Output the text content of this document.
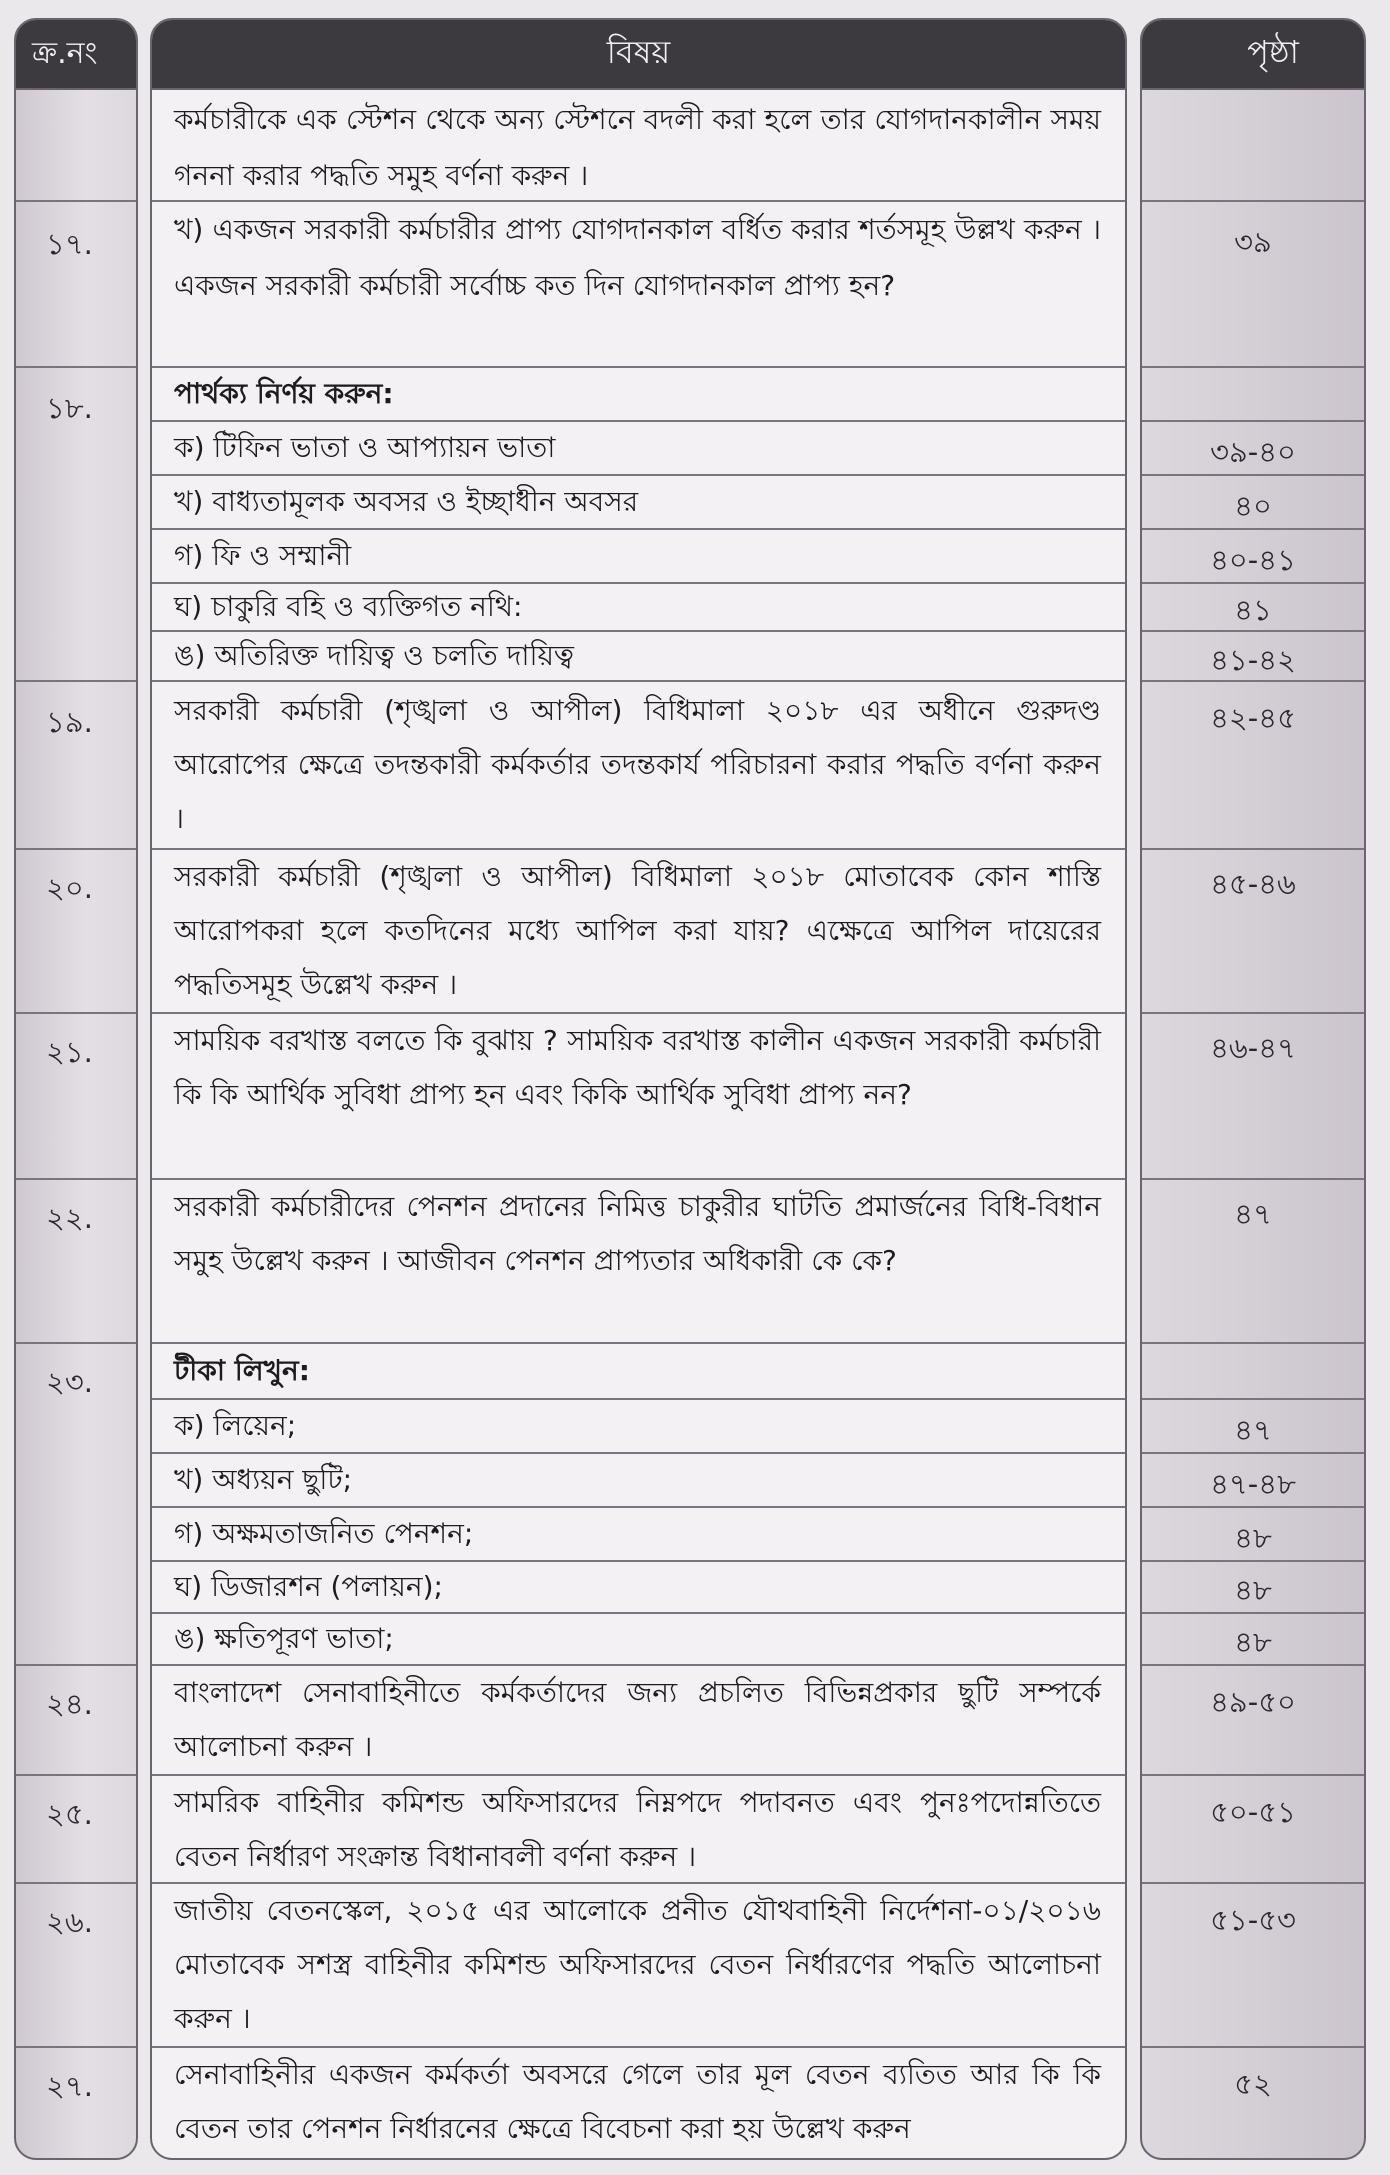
ক্র.নং
১৭.
১৮.
১৯.
২০.
২১.
২২.
২৩.
২৪.
২৫.
২৬.
২৭.
বিষয়
কর্মচারীকে এক স্টেশন থেকে অন্য স্টেশনে বদলী করা হলে তার যোগদানকালীন সময় গননা করার পদ্ধতি সমুহ বর্ণনা করুন ।
খ) একজন সরকারী কর্মচারীর প্রাপ্য যোগদানকাল বর্ধিত করার শর্তসমূহ উল্লখ করুন । একজন সরকারী কর্মচারী সর্বোচ্চ কত দিন যোগদানকাল প্রাপ্য হন?
পার্থক্য নির্ণয় করুন:
ক) টিফিন ভাতা ও আপ্যায়ন ভাতা
খ) বাধ্যতামূলক অবসর ও ইচ্ছাধীন অবসর
গ) ফি ও সম্মানী
ঘ) চাকুরি বহি ও ব্যক্তিগত নথি:
ঙ) অতিরিক্ত দায়িত্ব ও চলতি দায়িত্ব
সরকারী কর্মচারী (শৃঙ্খলা ও আপীল) বিধিমালা ২০১৮ এর অধীনে গুরুদণ্ড আরোপের ক্ষেত্রে তদন্তকারী কর্মকর্তার তদন্তকার্য পরিচারনা করার পদ্ধতি বর্ণনা করুন ।
সরকারী কর্মচারী (শৃঙ্খলা ও আপীল) বিধিমালা ২০১৮ মোতাবেক কোন শাস্তি আরোপকরা হলে কতদিনের মধ্যে আপিল করা যায়? এক্ষেত্রে আপিল দায়েরের পদ্ধতিসমূহ উল্লেখ করুন ।
সাময়িক বরখাস্ত বলতে কি বুঝায় ? সাময়িক বরখাস্ত কালীন একজন সরকারী কর্মচারী কি কি আর্থিক সুবিধা প্রাপ্য হন এবং কিকি আর্থিক সুবিধা প্রাপ্য নন?
সরকারী কর্মচারীদের পেনশন প্রদানের নিমিত্ত চাকুরীর ঘাটতি প্রমার্জনের বিধি-বিধান সমুহ উল্লেখ করুন । আজীবন পেনশন প্রাপ্যতার অধিকারী কে কে?
টীকা লিখুন:
ক) লিয়েন;
খ) অধ্যয়ন ছুটি;
গ) অক্ষমতাজনিত পেনশন;
ঘ) ডিজারশন (পলায়ন);
ঙ) ক্ষতিপূরণ ভাতা;
বাংলাদেশ সেনাবাহিনীতে কর্মকর্তাদের জন্য প্রচলিত বিভিন্নপ্রকার ছুটি সম্পর্কে আলোচনা করুন ।
সামরিক বাহিনীর কমিশন্ড অফিসারদের নিম্নপদে পদাবনত এবং পুনঃপদোন্নতিতে বেতন নির্ধারণ সংক্রান্ত বিধানাবলী বর্ণনা করুন ।
জাতীয় বেতনস্কেল, ২০১৫ এর আলোকে প্রনীত যৌথবাহিনী নির্দেশনা-০১/২০১৬ মোতাবেক সশস্ত্র বাহিনীর কমিশন্ড অফিসারদের বেতন নির্ধারণের পদ্ধতি আলোচনা করুন ।
সেনাবাহিনীর একজন কর্মকর্তা অবসরে গেলে তার মূল বেতন ব্যতিত আর কি কি বেতন তার পেনশন নির্ধারনের ক্ষেত্রে বিবেচনা করা হয় উল্লেখ করুন
পৃষ্ঠা
৩৯
৩৯-৪০
৪০
৪০-৪১
৪১
৪১-৪২
৪২-৪৫
৪৫-৪৬
৪৬-৪৭
৪৭
৪৭
৪৭-৪৮
৪৮
৪৮
৪৮
৪৯-৫০
৫০-৫১
৫১-৫৩
৫২
